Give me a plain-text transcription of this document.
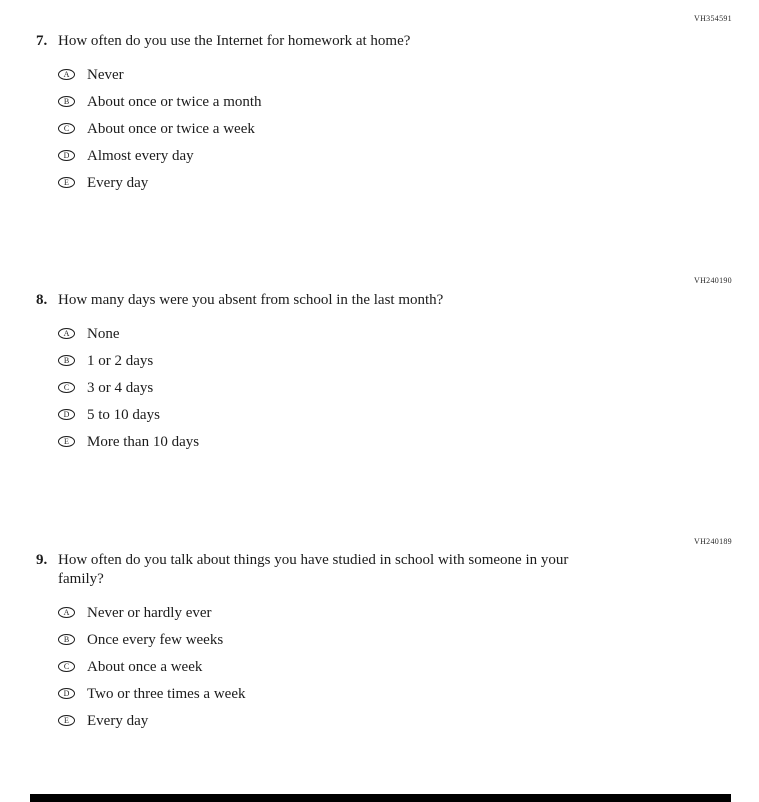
VH354591
VH240190
VH240189
7. How often do you use the Internet for homework at home?
A Never
B About once or twice a month
C About once or twice a week
D Almost every day
E Every day
8. How many days were you absent from school in the last month?
A None
B 1 or 2 days
C 3 or 4 days
D 5 to 10 days
E More than 10 days
9. How often do you talk about things you have studied in school with someone in your family?
A Never or hardly ever
B Once every few weeks
C About once a week
D Two or three times a week
E Every day
